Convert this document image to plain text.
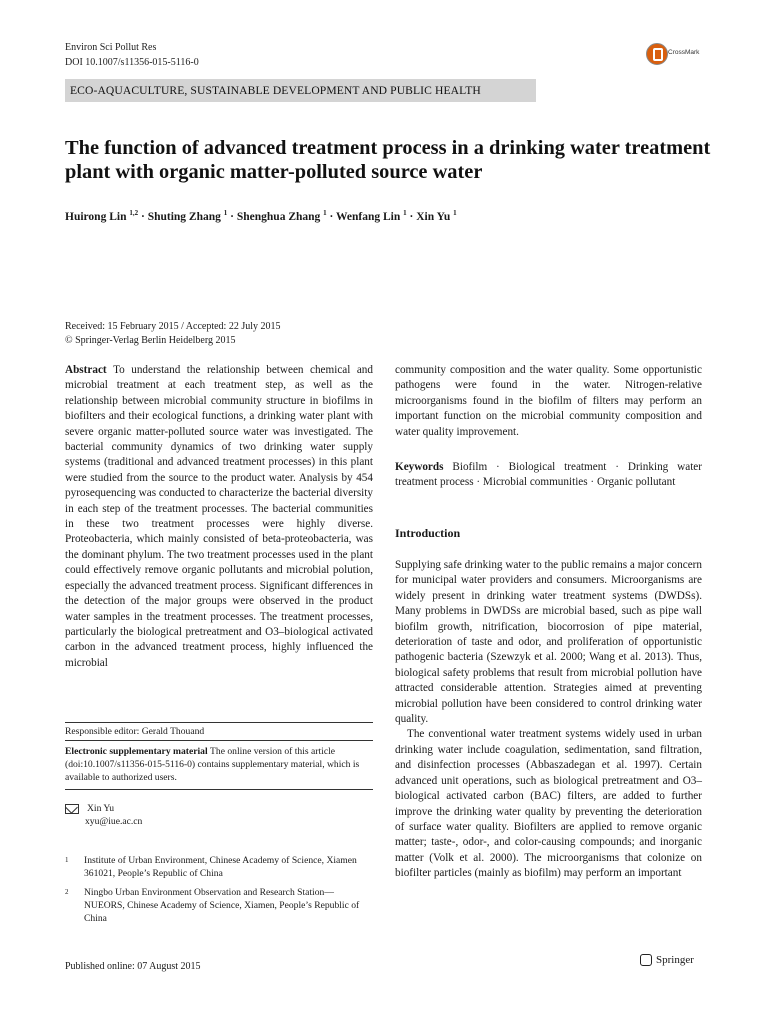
Environ Sci Pollut Res
DOI 10.1007/s11356-015-5116-0
CrossMark
ECO-AQUACULTURE, SUSTAINABLE DEVELOPMENT AND PUBLIC HEALTH
The function of advanced treatment process in a drinking water treatment plant with organic matter-polluted source water
Huirong Lin $^{1,2}$ · Shuting Zhang $^1$ · Shenghua Zhang $^1$ · Wenfang Lin $^1$ · Xin Yu $^1$
Received: 15 February 2015 / Accepted: 22 July 2015
© Springer-Verlag Berlin Heidelberg 2015

Abstract To understand the relationship between chemical and microbial treatment at each treatment step, as well as the relationship between microbial community structure in biofilms in biofilters and their ecological functions, a drinking water plant with severe organic matter-polluted source water was investigated. The bacterial community dynamics of two drinking water supply systems (traditional and advanced treatment processes) in this plant were studied from the source to the product water. Analysis by 454 pyrosequencing was conducted to characterize the bacterial diversity in each step of the treatment processes. The bacterial communities in these two treatment processes were highly diverse. Proteobacteria, which mainly consisted of beta-proteobacteria, was the dominant phylum. The two treatment processes used in the plant could effectively remove organic pollutants and microbial polution, especially the advanced treatment process. Significant differences in the detection of the major groups were observed in the product water samples in the treatment processes. The treatment processes, particularly the biological pretreatment and O3–biological activated carbon in the advanced treatment process, highly influenced the microbial

Responsible editor: Gerald Thouand
Electronic supplementary material The online version of this article (doi:10.1007/s11356-015-5116-0) contains supplementary material, which is available to authorized users.
Xin Yu
xyu@iue.ac.cn
1 Institute of Urban Environment, Chinese Academy of Science, Xiamen 361021, People’s Republic of China
2 Ningbo Urban Environment Observation and Research Station—NUEORS, Chinese Academy of Science, Xiamen, People’s Republic of China
Published online: 07 August 2015
community composition and the water quality. Some opportunistic pathogens were found in the water. Nitrogen-relative microorganisms found in the biofilm of filters may perform an important function on the microbial community composition and water quality improvement.

Keywords Biofilm · Biological treatment · Drinking water treatment process · Microbial communities · Organic pollutant

Introduction

Supplying safe drinking water to the public remains a major concern for municipal water providers and consumers. Microorganisms are widely present in drinking water treatment systems (DWDSs). Many problems in DWDSs are microbial based, such as pipe wall biofilm growth, nitrification, biocorrosion of pipe material, deterioration of taste and odor, and proliferation of opportunistic pathogenic bacteria (Szewzyk et al. 2000; Wang et al. 2013). Thus, biological safety problems that result from microbial pollution have attracted considerable attention. Strategies aimed at preventing microbial pollution have been considered to control drinking water quality.

The conventional water treatment systems widely used in urban drinking water include coagulation, sedimentation, sand filtration, and disinfection processes (Abbaszadegan et al. 1997). Certain advanced unit operations, such as biological pretreatment and O3–biological activated carbon (BAC) filters, are added to further improve the drinking water quality by preventing the deterioration of surface water quality. Biofilters are applied to remove organic matter; taste-, odor-, and color-causing compounds; and inorganic matter (Volk et al. 2000). The microorganisms that colonize on biofilter particles (mainly as biofilm) may perform an important

Springer
